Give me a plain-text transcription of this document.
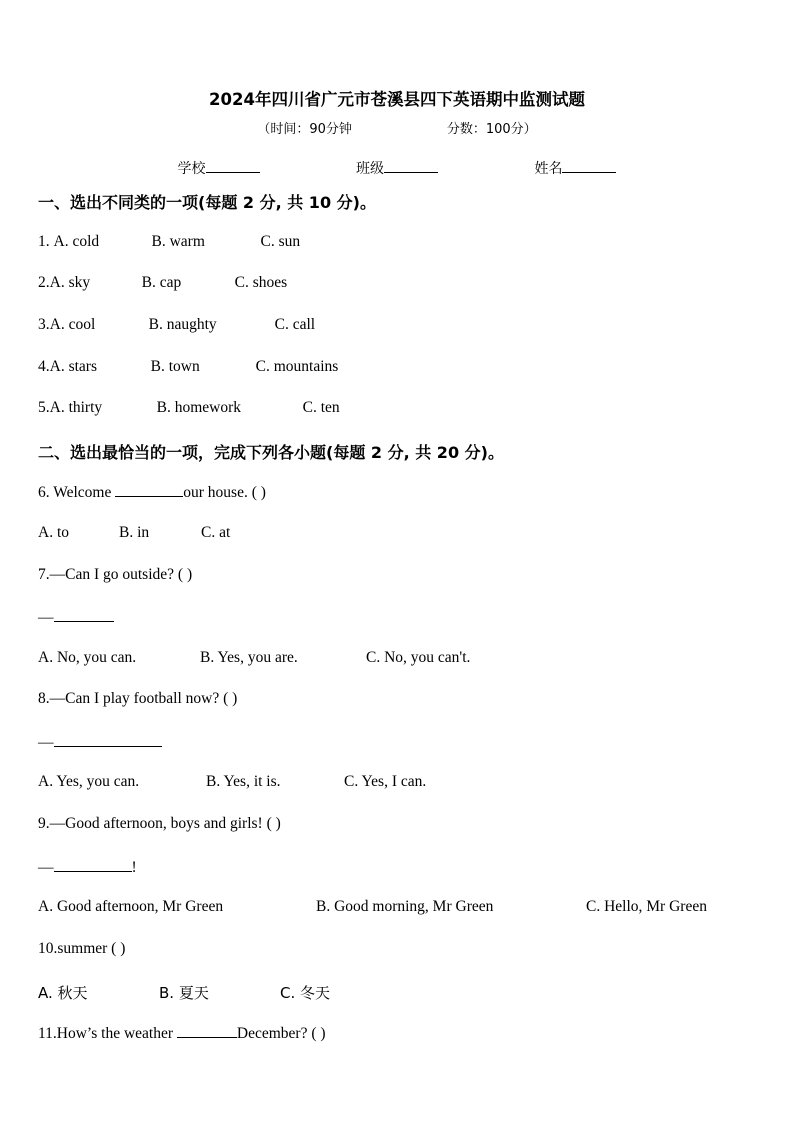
2024年四川省广元市苍溪县四下英语期中监测试题
（时间：90分钟	分数：100分）
学校	班级	姓名
一、选出不同类的一项(每题 2 分, 共 10 分)。
1. A. cold	B. warm	C. sun
2.A. sky	B. cap	C. shoes
3.A. cool	B. naughty	C. call
4.A. stars	B. town	C. mountains
5.A. thirty	B. homework	C. ten
二、选出最恰当的一项，完成下列各小题(每题 2 分, 共 20 分)。
6. Welcome	our house. ( )
A. to	B. in	C. at
7.—Can I go outside? ( )
—
A. No, you can.	B. Yes, you are.	C. No, you can't.
8.—Can I play football now? ( )
—
A. Yes, you can.	B. Yes, it is.	C. Yes, I can.
9.—Good afternoon, boys and girls! ( )
—	!
A. Good afternoon, Mr Green	B. Good morning, Mr Green	C. Hello, Mr Green
10.summer ( )
A. 秋天	B. 夏天	C. 冬天
11.How’s the weather	December? ( )
